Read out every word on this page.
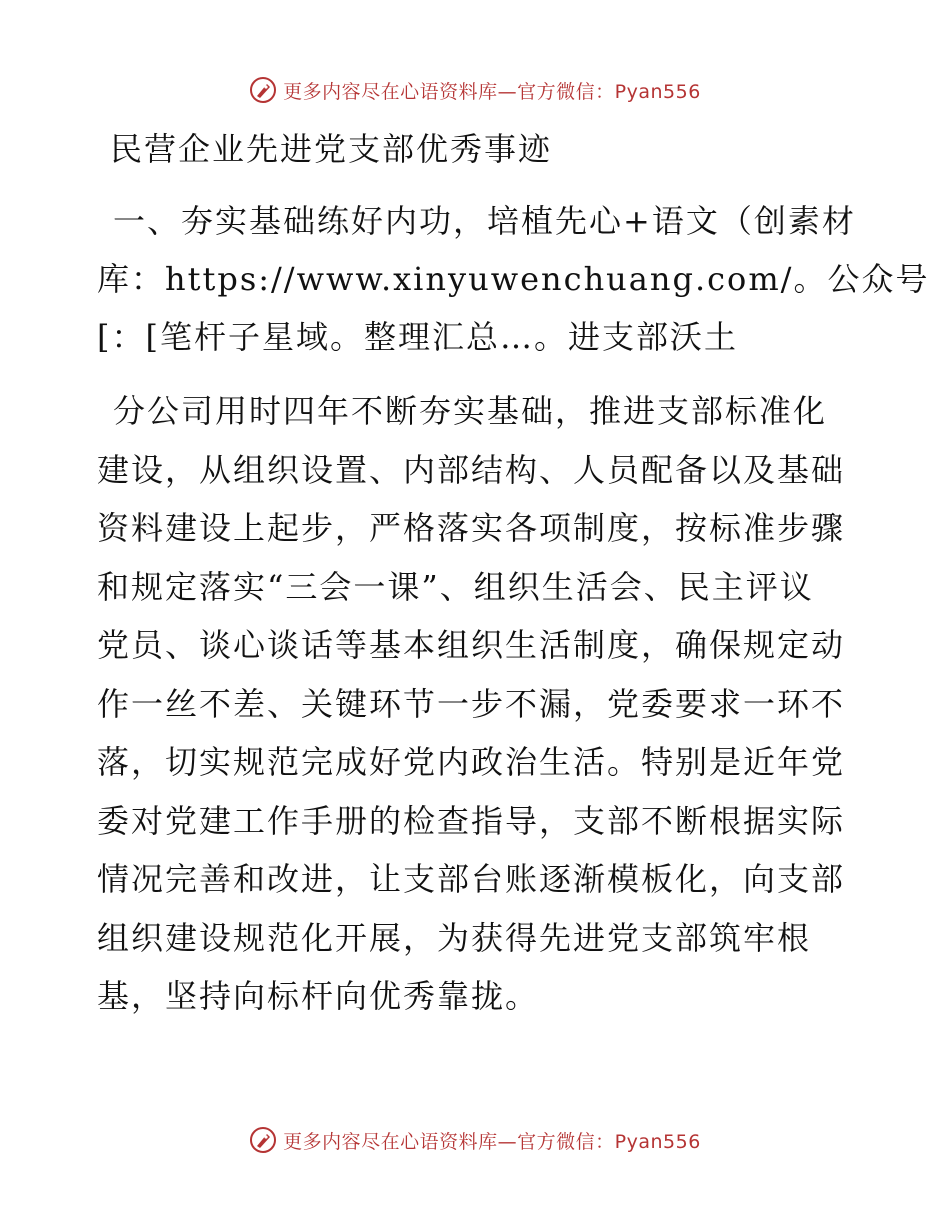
更多内容尽在心语资料库—官方微信：Pyan556
民营企业先进党支部优秀事迹
一、夯实基础练好内功，培植先心+语文（创素材
库：https://www.xinyuwenchuang.com/。公众号
[：[笔杆子星域。整理汇总…。进支部沃土
分公司用时四年不断夯实基础，推进支部标准化
建设，从组织设置、内部结构、人员配备以及基础
资料建设上起步，严格落实各项制度，按标准步骤
和规定落实“三会一课”、组织生活会、民主评议
党员、谈心谈话等基本组织生活制度，确保规定动
作一丝不差、关键环节一步不漏，党委要求一环不
落，切实规范完成好党内政治生活。特别是近年党
委对党建工作手册的检查指导，支部不断根据实际
情况完善和改进，让支部台账逐渐模板化，向支部
组织建设规范化开展，为获得先进党支部筑牢根
基，坚持向标杆向优秀靠拢。
更多内容尽在心语资料库—官方微信：Pyan556
